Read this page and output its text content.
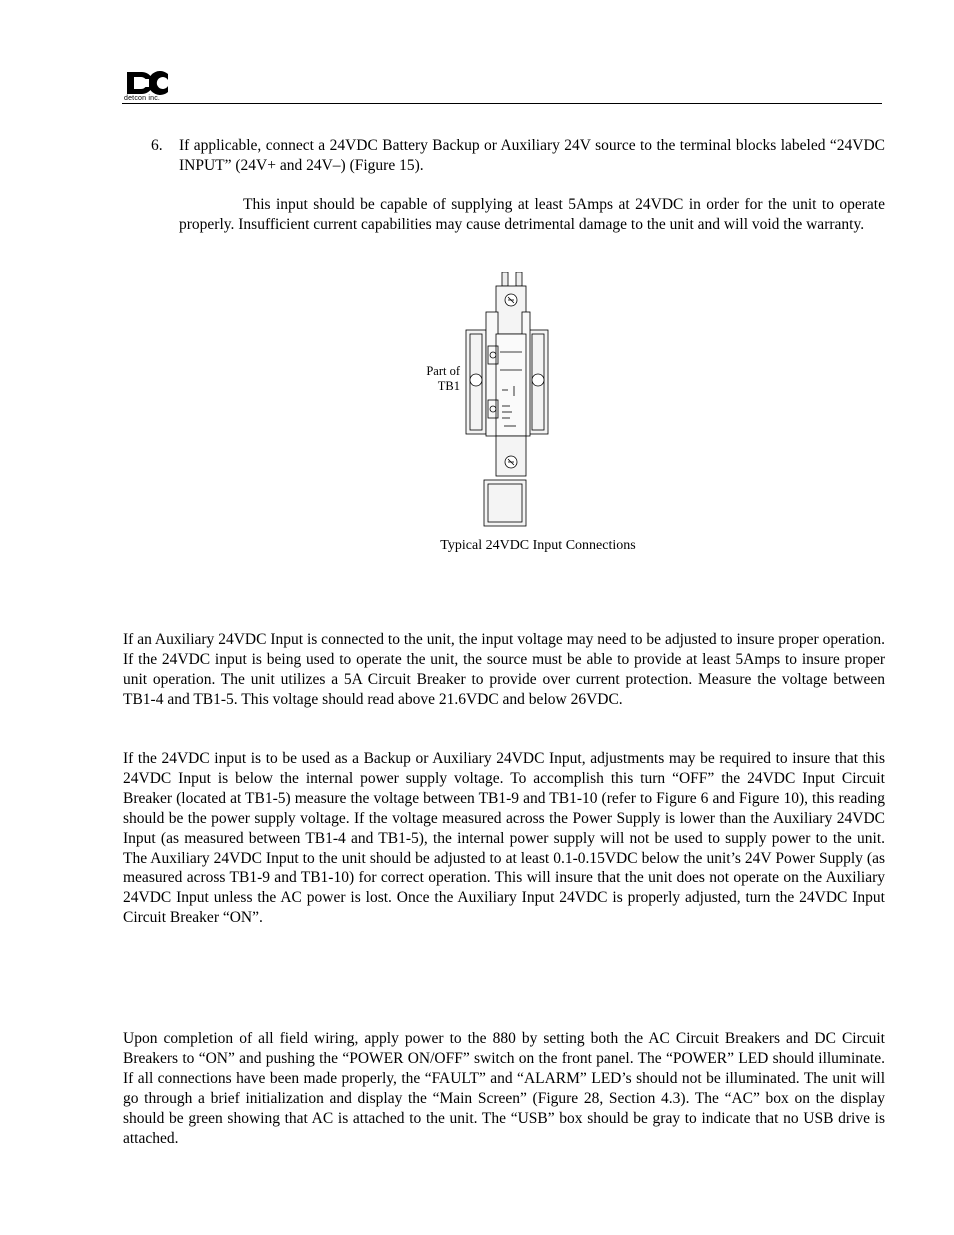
detcon inc.
6. If applicable, connect a 24VDC Battery Backup or Auxiliary 24V source to the terminal blocks labeled “24VDC INPUT” (24V+ and 24V–) (Figure 15).

This input should be capable of supplying at least 5Amps at 24VDC in order for the unit to operate properly. Insufficient current capabilities may cause detrimental damage to the unit and will void the warranty.

Part of
TB1
Typical 24VDC Input Connections

If an Auxiliary 24VDC Input is connected to the unit, the input voltage may need to be adjusted to insure proper operation. If the 24VDC input is being used to operate the unit, the source must be able to provide at least 5Amps to insure proper unit operation. The unit utilizes a 5A Circuit Breaker to provide over current protection. Measure the voltage between TB1-4 and TB1-5. This voltage should read above 21.6VDC and below 26VDC.

If the 24VDC input is to be used as a Backup or Auxiliary 24VDC Input, adjustments may be required to insure that this 24VDC Input is below the internal power supply voltage. To accomplish this turn “OFF” the 24VDC Input Circuit Breaker (located at TB1-5) measure the voltage between TB1-9 and TB1-10 (refer to Figure 6 and Figure 10), this reading should be the power supply voltage. If the voltage measured across the Power Supply is lower than the Auxiliary 24VDC Input (as measured between TB1-4 and TB1-5), the internal power supply will not be used to supply power to the unit. The Auxiliary 24VDC Input to the unit should be adjusted to at least 0.1-0.15VDC below the unit’s 24V Power Supply (as measured across TB1-9 and TB1-10) for correct operation. This will insure that the unit does not operate on the Auxiliary 24VDC Input unless the AC power is lost. Once the Auxiliary Input 24VDC is properly adjusted, turn the 24VDC Input Circuit Breaker “ON”.

Upon completion of all field wiring, apply power to the 880 by setting both the AC Circuit Breakers and DC Circuit Breakers to “ON” and pushing the “POWER ON/OFF” switch on the front panel. The “POWER” LED should illuminate. If all connections have been made properly, the “FAULT” and “ALARM” LED’s should not be illuminated. The unit will go through a brief initialization and display the “Main Screen” (Figure 28, Section 4.3). The “AC” box on the display should be green showing that AC is attached to the unit. The “USB” box should be gray to indicate that no USB drive is attached.
